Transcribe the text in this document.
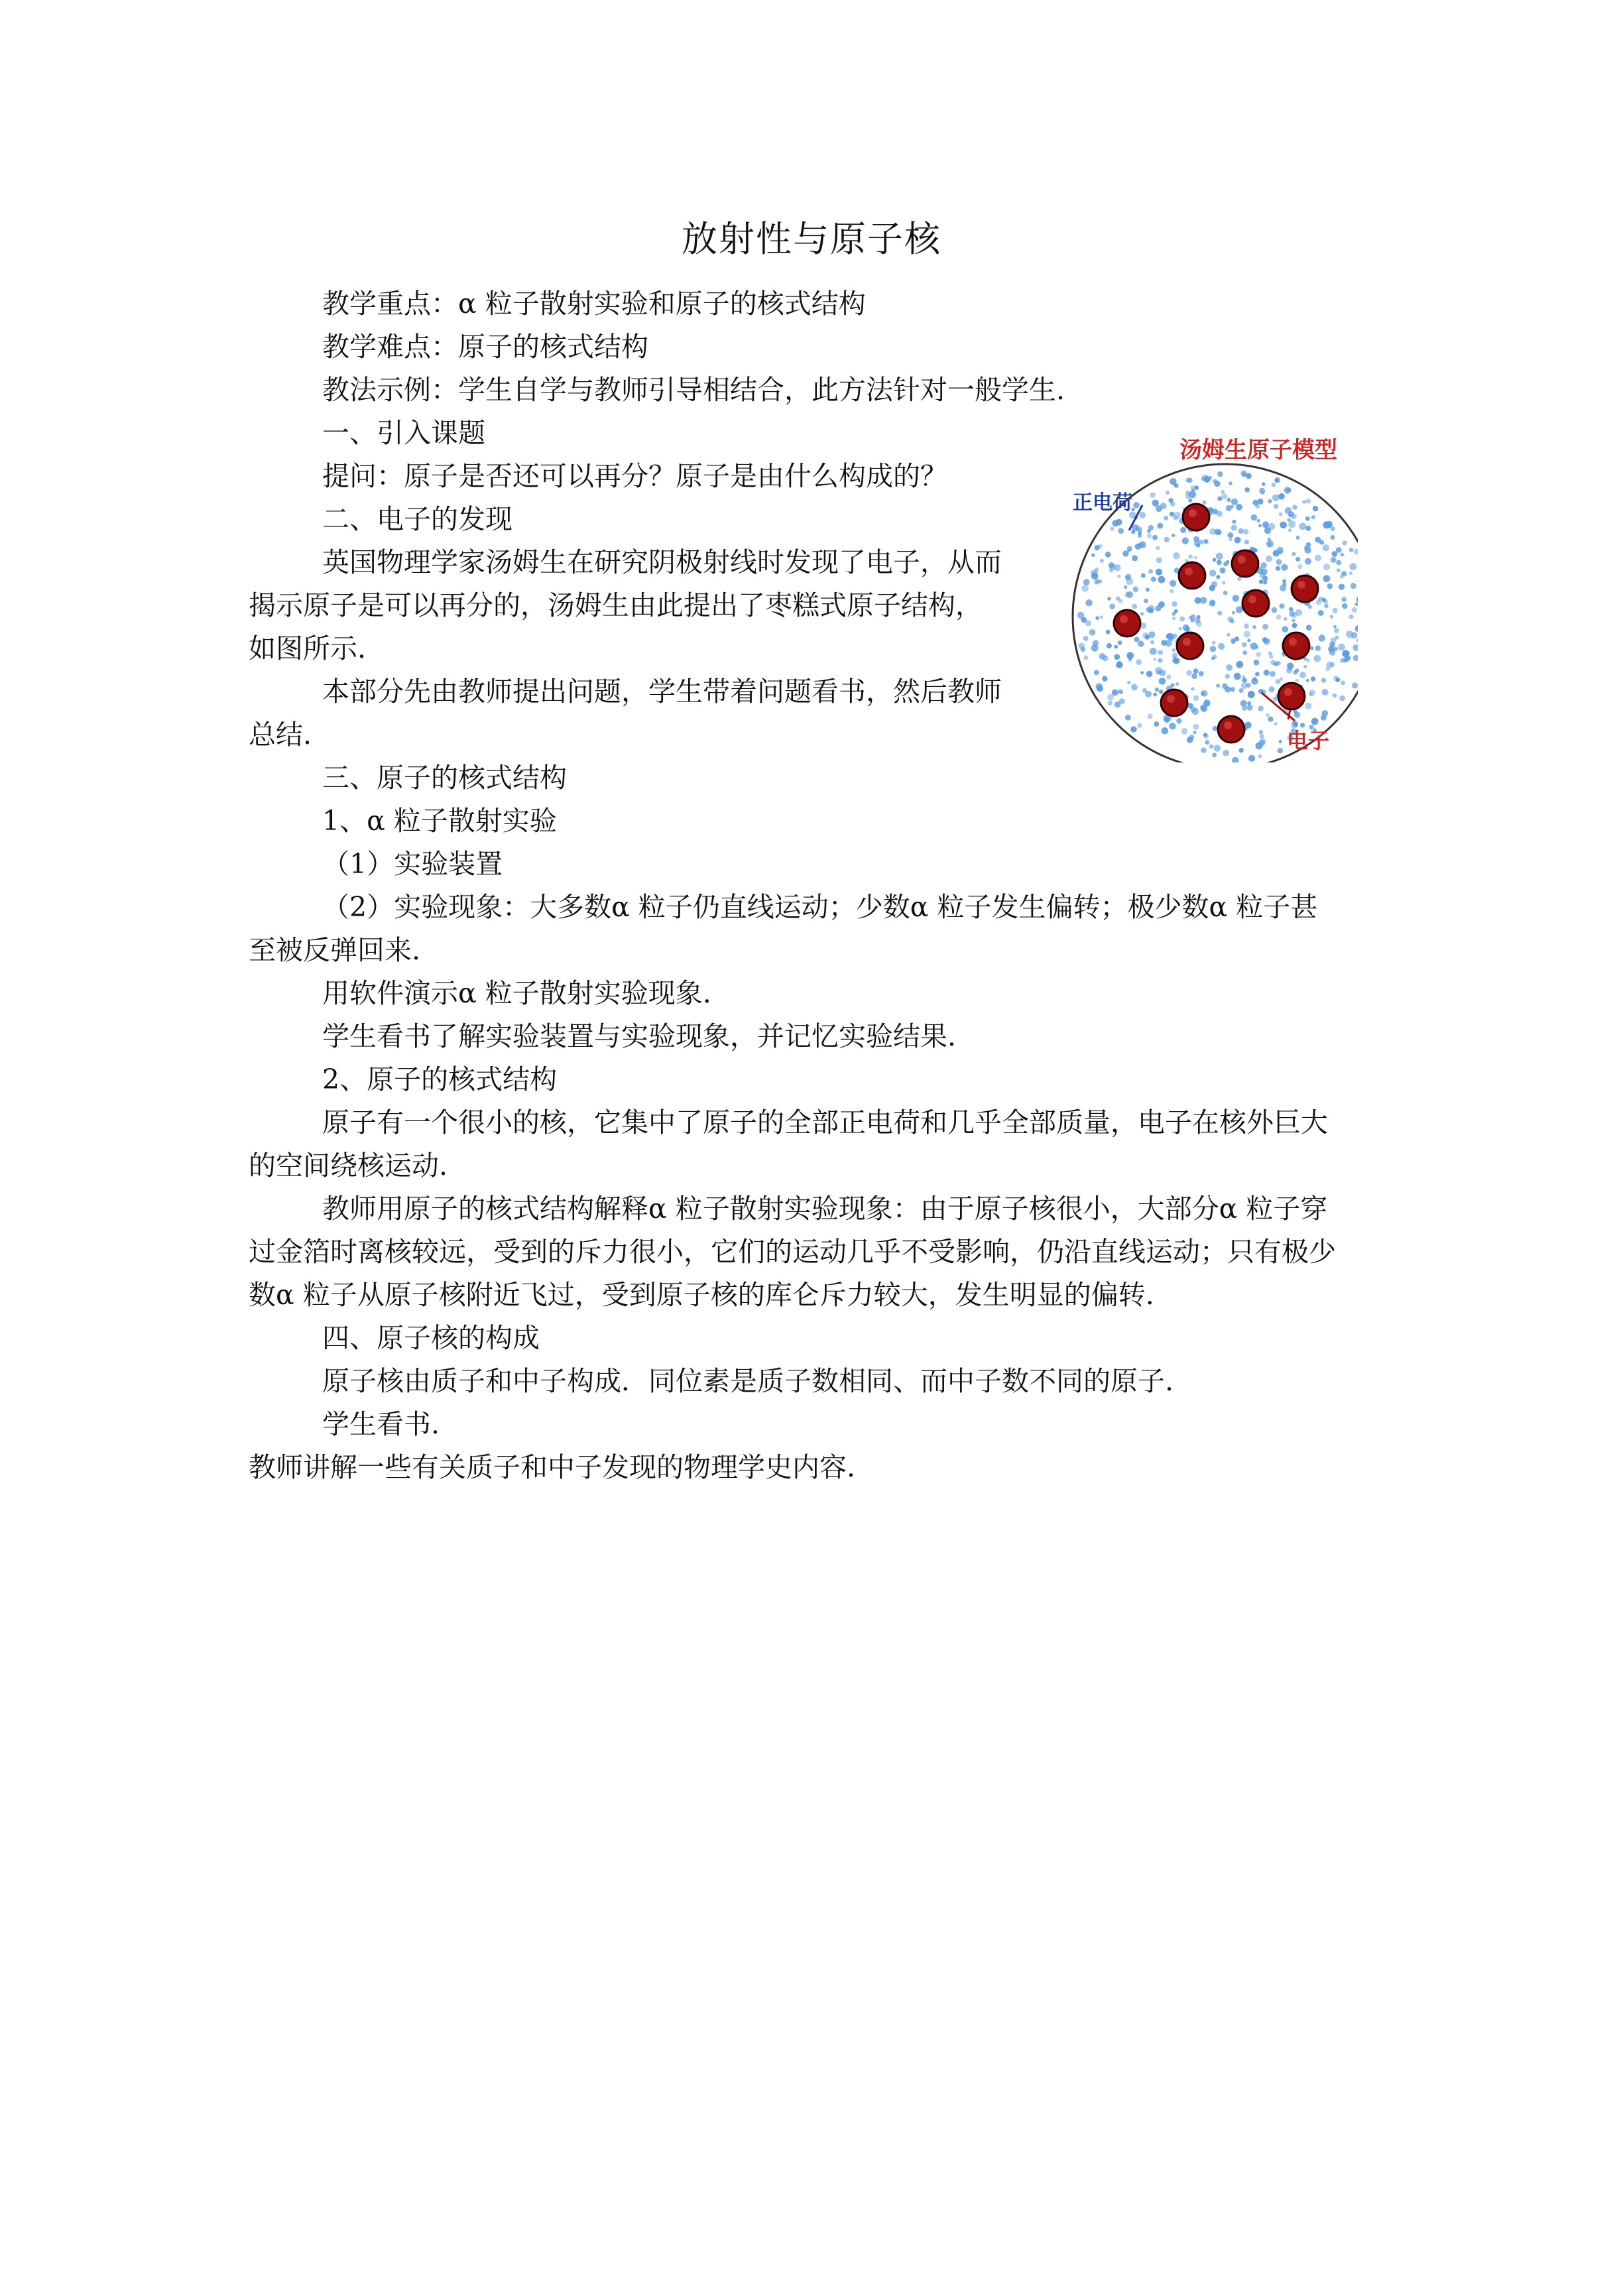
放射性与原子核
教学重点：α 粒子散射实验和原子的核式结构
教学难点：原子的核式结构
教法示例：学生自学与教师引导相结合，此方法针对一般学生.
一、引入课题
提问：原子是否还可以再分？原子是由什么构成的？
二、电子的发现
英国物理学家汤姆生在研究阴极射线时发现了电子，从而
揭示原子是可以再分的，汤姆生由此提出了枣糕式原子结构，
如图所示.
本部分先由教师提出问题，学生带着问题看书，然后教师
总结.
三、原子的核式结构
1、α 粒子散射实验
（1）实验装置
（2）实验现象：大多数α 粒子仍直线运动；少数α 粒子发生偏转；极少数α 粒子甚
至被反弹回来.
用软件演示α 粒子散射实验现象.
学生看书了解实验装置与实验现象，并记忆实验结果.
2、原子的核式结构
原子有一个很小的核，它集中了原子的全部正电荷和几乎全部质量，电子在核外巨大
的空间绕核运动.
教师用原子的核式结构解释α 粒子散射实验现象：由于原子核很小，大部分α 粒子穿
过金箔时离核较远，受到的斥力很小，它们的运动几乎不受影响，仍沿直线运动；只有极少
数α 粒子从原子核附近飞过，受到原子核的库仑斥力较大，发生明显的偏转.
四、原子核的构成
原子核由质子和中子构成．同位素是质子数相同、而中子数不同的原子.
学生看书.
教师讲解一些有关质子和中子发现的物理学史内容.
汤姆生原子模型
正电荷
电子
